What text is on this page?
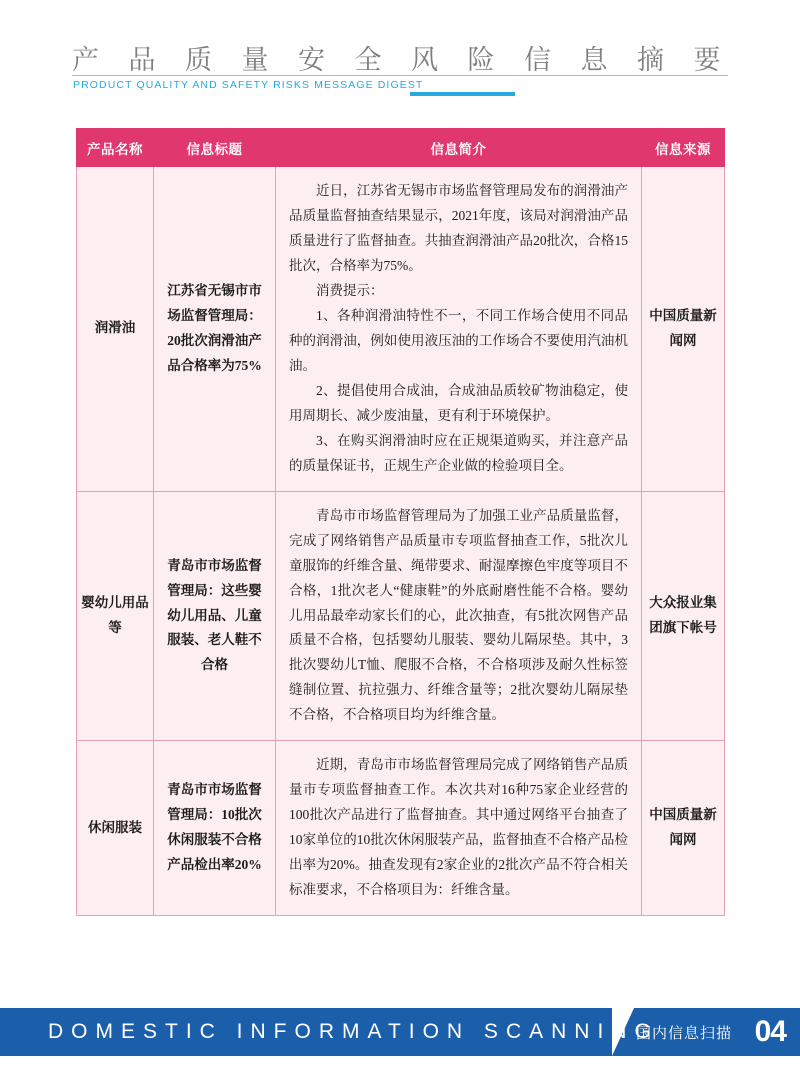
产 品 质 量 安 全 风 险 信 息 摘 要
PRODUCT QUALITY AND SAFETY RISKS MESSAGE DIGEST
产品名称	信息标题	信息简介	信息来源
润滑油	江苏省无锡市市场监督管理局：20批次润滑油产品合格率为75%	近日，江苏省无锡市市场监督管理局发布的润滑油产品质量监督抽查结果显示，2021年度，该局对润滑油产品质量进行了监督抽查。共抽查润滑油产品20批次，合格15批次，合格率为75%。

消费提示：

1、各种润滑油特性不一，不同工作场合使用不同品种的润滑油，例如使用液压油的工作场合不要使用汽油机油。

2、提倡使用合成油，合成油品质较矿物油稳定，使用周期长、减少废油量，更有利于环境保护。

3、在购买润滑油时应在正规渠道购买，并注意产品的质量保证书，正规生产企业做的检验项目全。	中国质量新闻网
婴幼儿用品等	青岛市市场监督管理局：这些婴幼儿用品、儿童服装、老人鞋不合格	青岛市市场监督管理局为了加强工业产品质量监督，完成了网络销售产品质量市专项监督抽查工作，5批次儿童服饰的纤维含量、绳带要求、耐湿摩擦色牢度等项目不合格，1批次老人“健康鞋”的外底耐磨性能不合格。婴幼儿用品最牵动家长们的心，此次抽查，有5批次网售产品质量不合格，包括婴幼儿服装、婴幼儿隔尿垫。其中，3批次婴幼儿T恤、爬服不合格，不合格项涉及耐久性标签缝制位置、抗拉强力、纤维含量等；2批次婴幼儿隔尿垫不合格，不合格项目均为纤维含量。	大众报业集团旗下帐号
休闲服装	青岛市市场监督管理局：10批次休闲服装不合格产品检出率20%	近期，青岛市市场监督管理局完成了网络销售产品质量市专项监督抽查工作。本次共对16种75家企业经营的100批次产品进行了监督抽查。其中通过网络平台抽查了10家单位的10批次休闲服装产品，监督抽查不合格产品检出率为20%。抽查发现有2家企业的2批次产品不符合相关标准要求，不合格项目为：纤维含量。	中国质量新闻网
DOMESTIC INFORMATION SCANNING
国内信息扫描 04
